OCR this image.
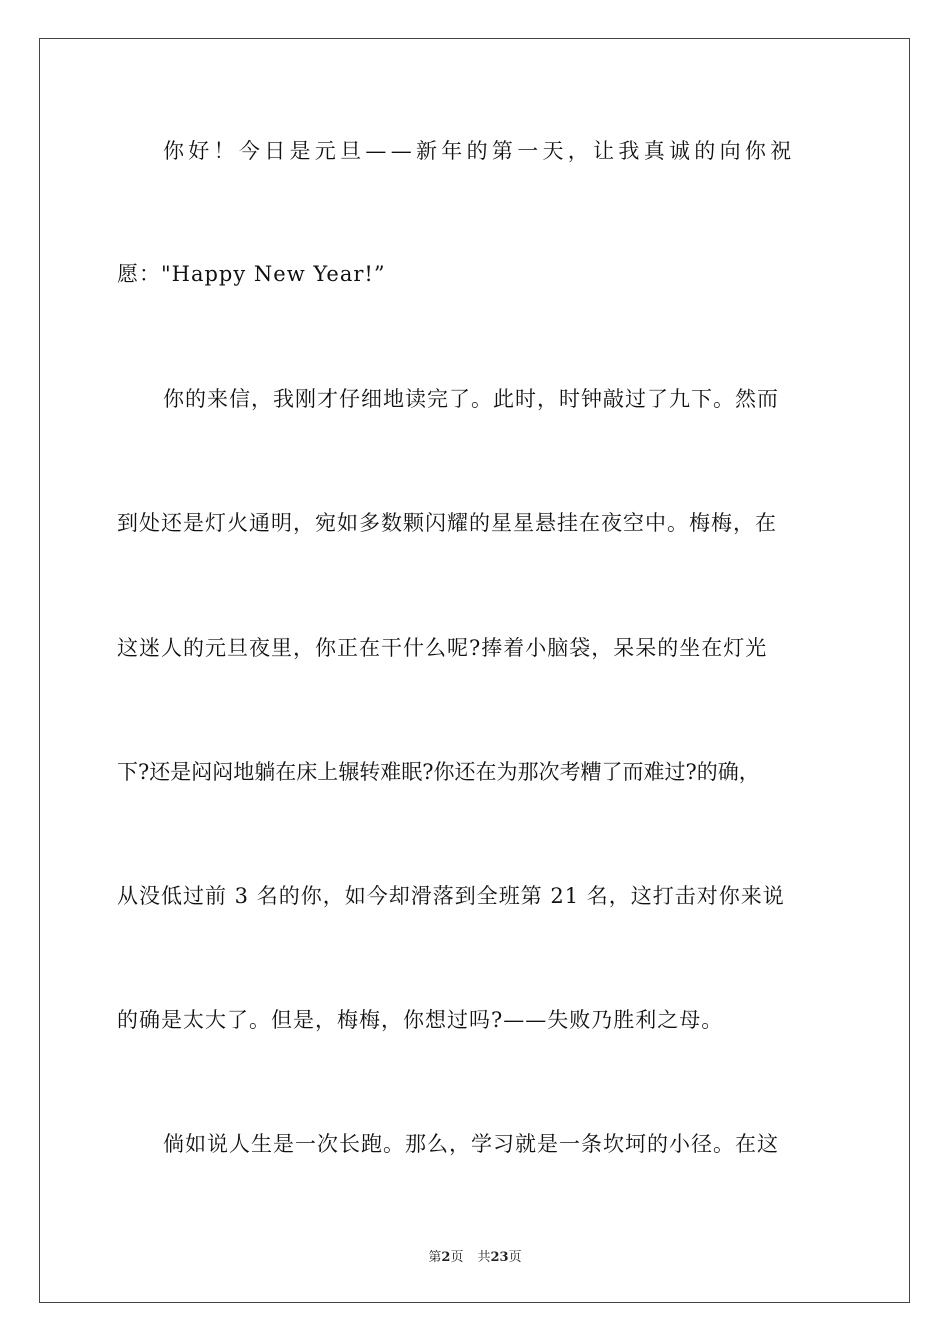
你好！今日是元旦——新年的第一天，让我真诚的向你祝
愿："Happy New Year!”
你的来信，我刚才仔细地读完了。此时，时钟敲过了九下。然而
到处还是灯火通明，宛如多数颗闪耀的星星悬挂在夜空中。梅梅，在
这迷人的元旦夜里，你正在干什么呢?捧着小脑袋，呆呆的坐在灯光
下?还是闷闷地躺在床上辗转难眠?你还在为那次考糟了而难过?的确，
从没低过前 3 名的你，如今却滑落到全班第 21 名，这打击对你来说
的确是太大了。但是，梅梅，你想过吗?——失败乃胜利之母。
倘如说人生是一次长跑。那么，学习就是一条坎坷的小径。在这
第2页 共23页
